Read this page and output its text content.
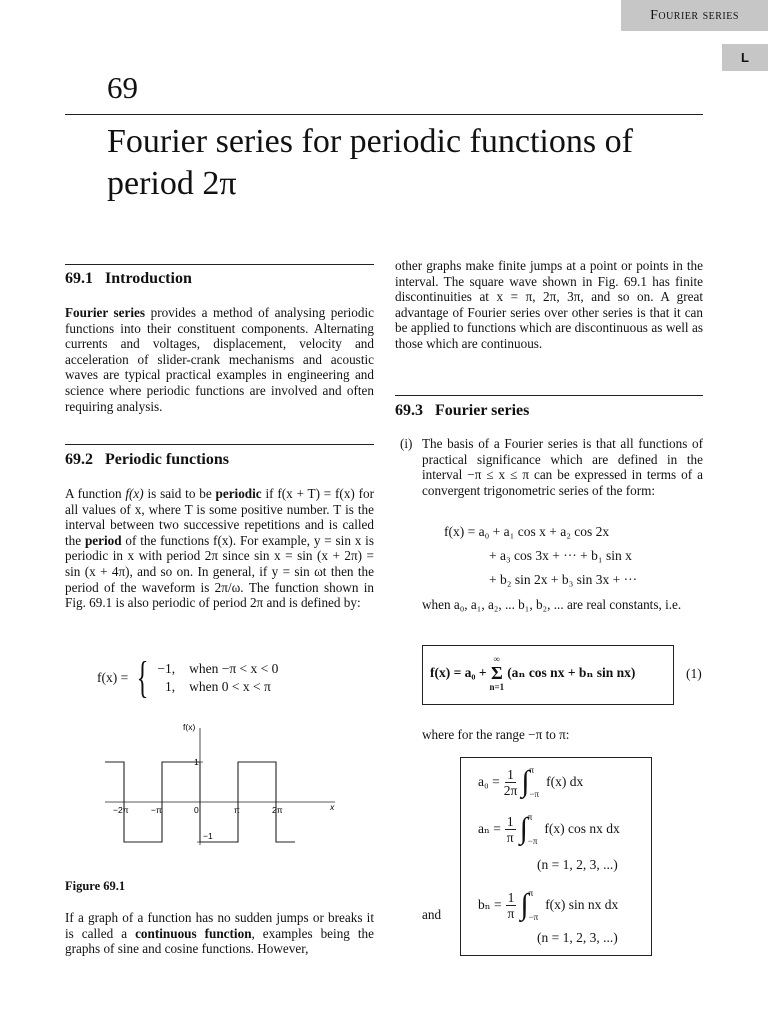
Fourier series
L
69
Fourier series for periodic functions of period 2π
69.1 Introduction

Fourier series provides a method of analysing periodic functions into their constituent components. Alternating currents and voltages, displacement, velocity and acceleration of slider-crank mechanisms and acoustic waves are typical practical examples in engineering and science where periodic functions are involved and often requiring analysis.

69.2 Periodic functions

A function f(x) is said to be periodic if f(x + T) = f(x) for all values of x, where T is some positive number. T is the interval between two successive repetitions and is called the period of the functions f(x). For example, y = sin x is periodic in x with period 2π since sin x = sin (x + 2π) = sin (x + 4π), and so on. In general, if y = sin ωt then the period of the waveform is 2π/ω. The function shown in Fig. 69.1 is also periodic of period 2π and is defined by:

f(x) = { −1, when −π < x < 0
1, when 0 < x < π
−2π	−π	0	π	2π
f(x)
x
1
−1
Figure 69.1

If a graph of a function has no sudden jumps or breaks it is called a continuous function, examples being the graphs of sine and cosine functions. However,

other graphs make finite jumps at a point or points in the interval. The square wave shown in Fig. 69.1 has finite discontinuities at x = π, 2π, 3π, and so on. A great advantage of Fourier series over other series is that it can be applied to functions which are discontinuous as well as those which are continuous.
69.3 Fourier series
(i) The basis of a Fourier series is that all functions of practical significance which are defined in the interval −π ≤ x ≤ π can be expressed in terms of a convergent trigonometric series of the form:
f(x) = a₀ + a₁ cos x + a₂ cos 2x
+ a₃ cos 3x + ··· + b₁ sin x
+ b₂ sin 2x + b₃ sin 3x + ···
when a₀, a₁, a₂, ... b₁, b₂, ... are real constants, i.e.
f(x) = a₀ +
∞
Σ
n=1
(aₙ cos nx + bₙ sin nx)	(1)
where for the range −π to π:
$a_0 = \frac{1}{2\pi}$ ∫ π
−π
f(x) dx
$a_n = \frac{1}{\pi}$ ∫ π
−π
f(x) cos nx dx
(n = 1, 2, 3, ...)
and
$b_n = \frac{1}{\pi}$ ∫ π
−π
f(x) sin nx dx
(n = 1, 2, 3, ...)
